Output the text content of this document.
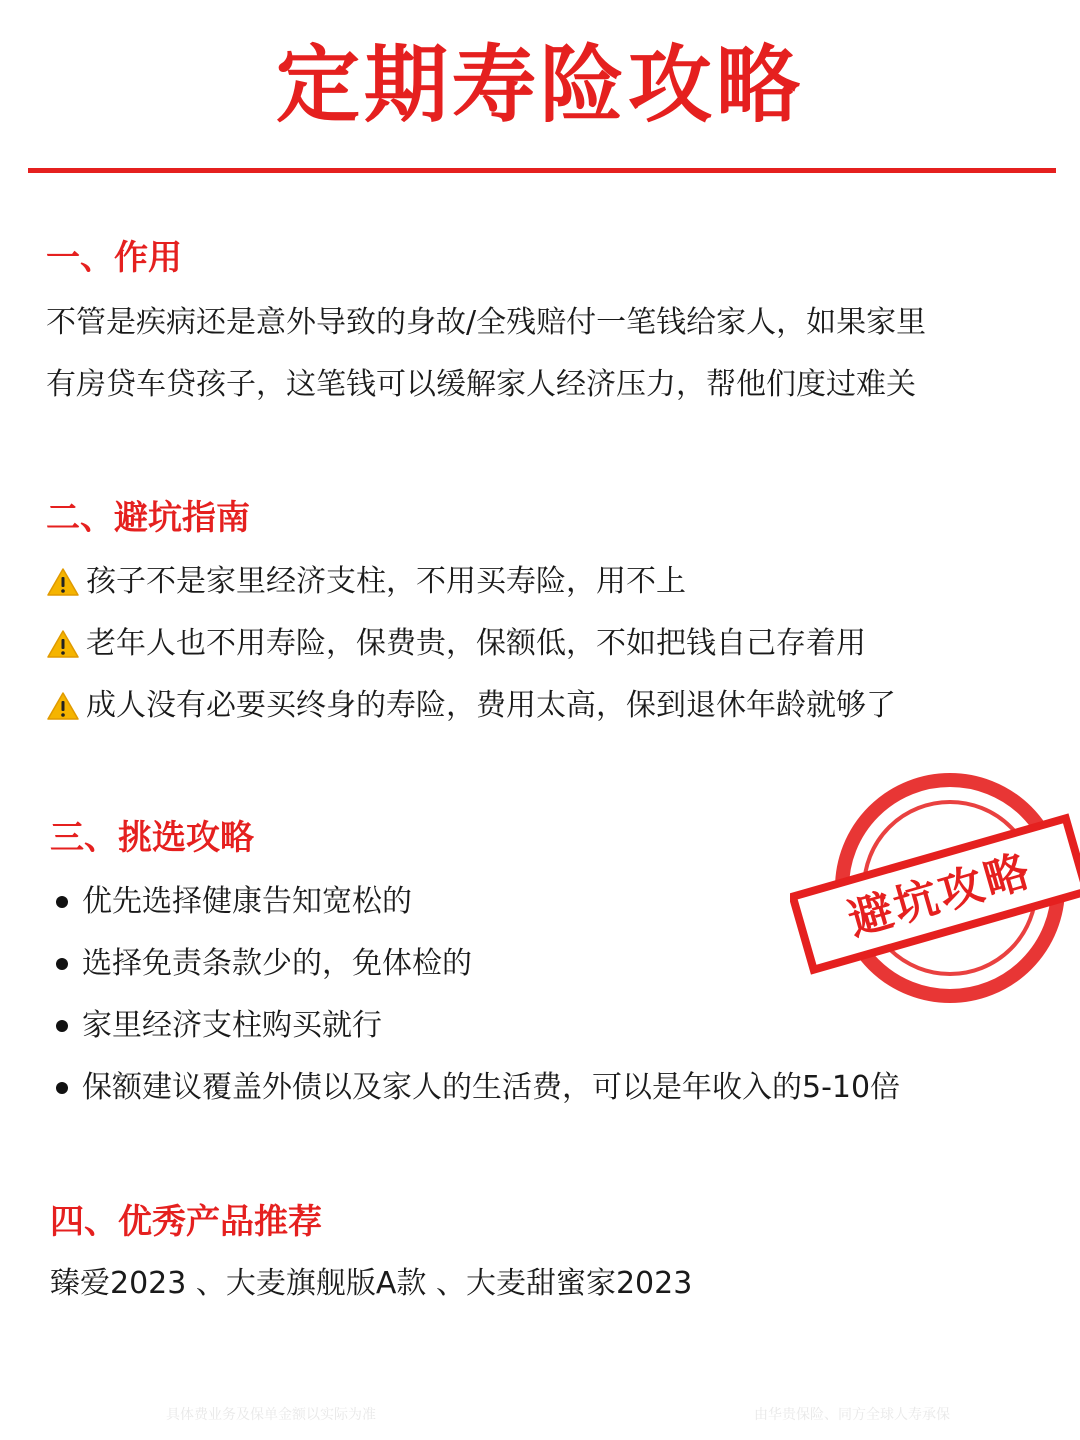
定期寿险攻略
一、作用
不管是疾病还是意外导致的身故/全残赔付一笔钱给家人，如果家里
有房贷车贷孩子，这笔钱可以缓解家人经济压力，帮他们度过难关
二、避坑指南
孩子不是家里经济支柱，不用买寿险，用不上
老年人也不用寿险，保费贵，保额低，不如把钱自己存着用
成人没有必要买终身的寿险，费用太高，保到退休年龄就够了
三、挑选攻略
优先选择健康告知宽松的
选择免责条款少的，免体检的
家里经济支柱购买就行
保额建议覆盖外债以及家人的生活费，可以是年收入的5-10倍
四、优秀产品推荐
臻爱2023 、大麦旗舰版A款 、大麦甜蜜家2023
避坑攻略
具体费业务及保单金额以实际为准	由华贵保险、同方全球人寿承保
